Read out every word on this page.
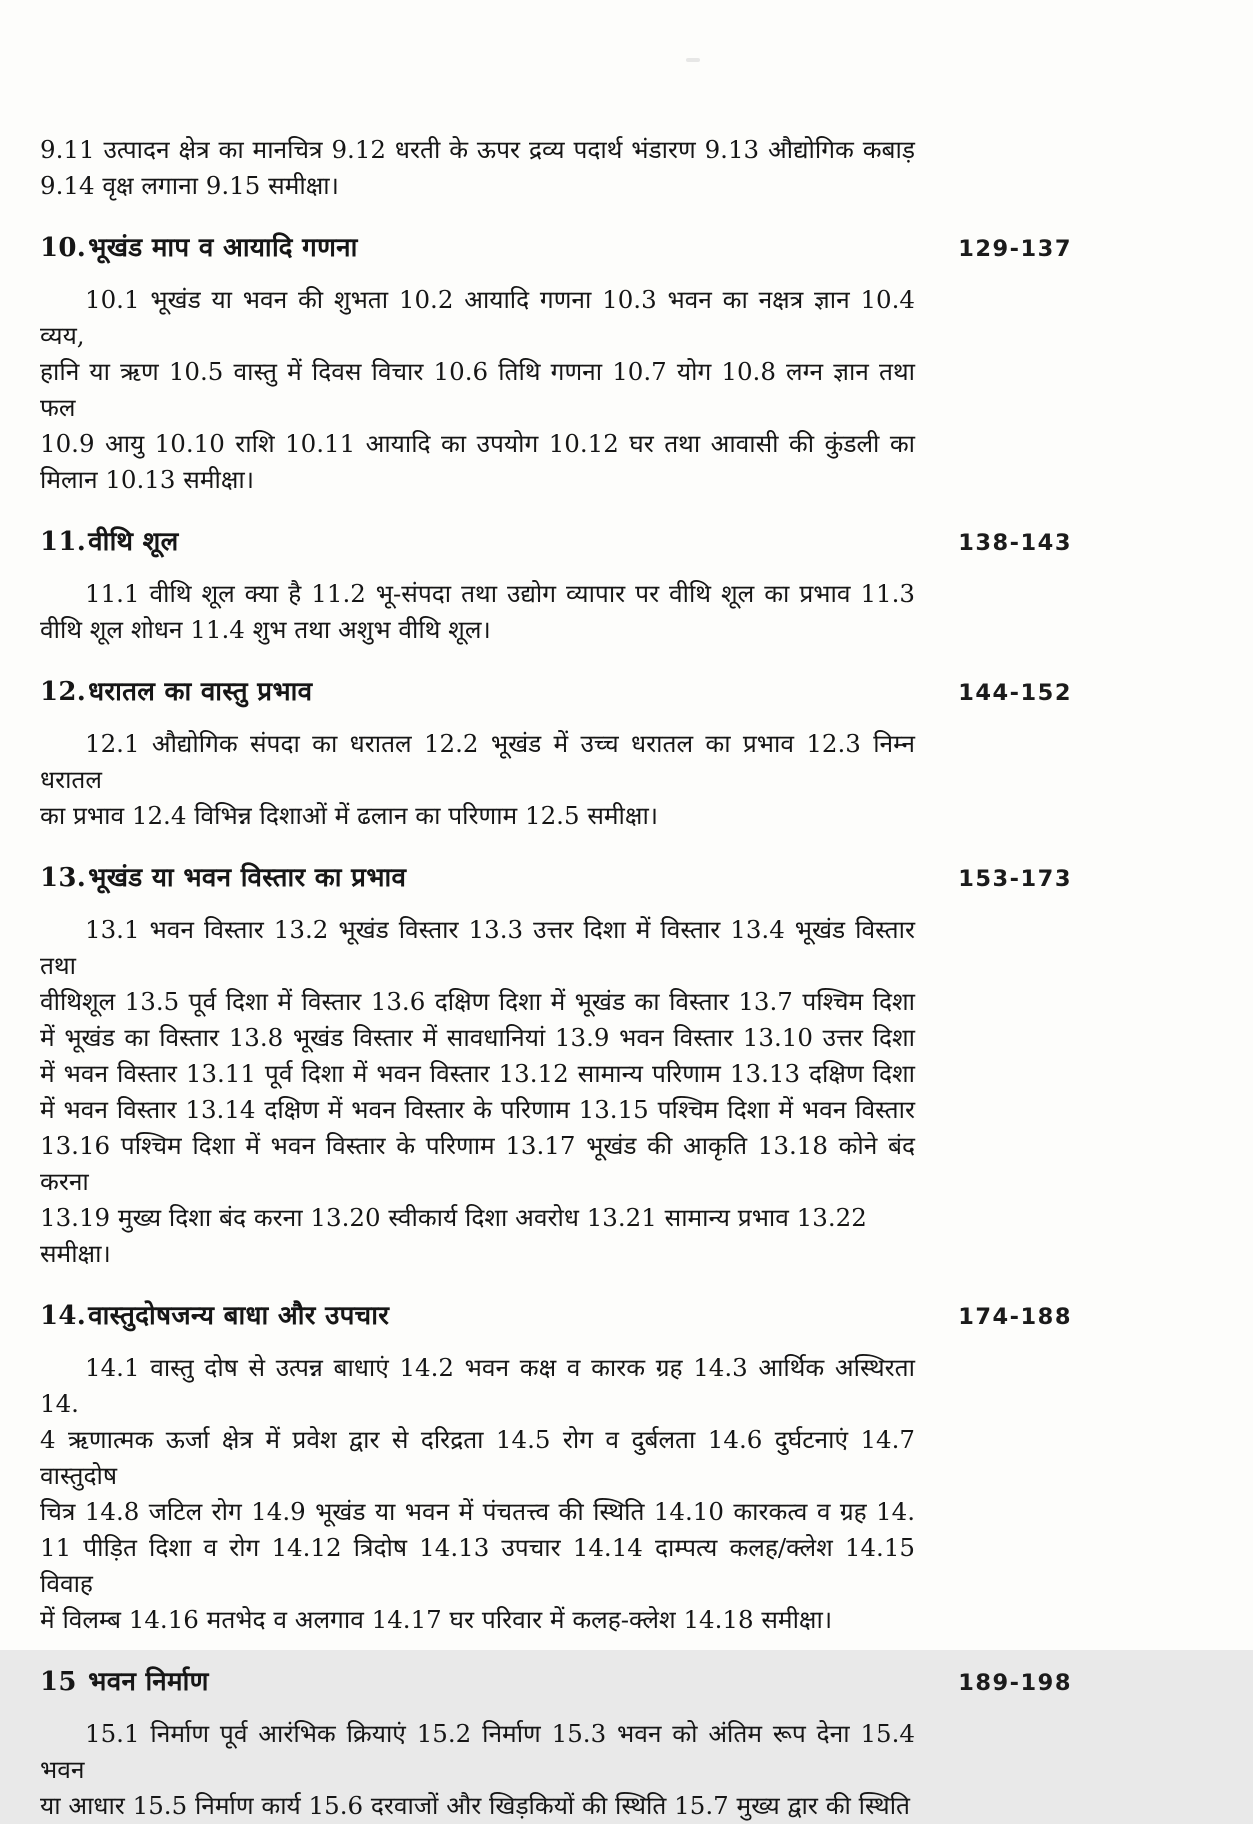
9.11 उत्पादन क्षेत्र का मानचित्र 9.12 धरती के ऊपर द्रव्य पदार्थ भंडारण 9.13 औद्योगिक कबाड़
9.14 वृक्ष लगाना 9.15 समीक्षा।
10.भूखंड माप व आयादि गणना	129-137
10.1 भूखंड या भवन की शुभता 10.2 आयादि गणना 10.3 भवन का नक्षत्र ज्ञान 10.4 व्यय,
हानि या ऋण 10.5 वास्तु में दिवस विचार 10.6 तिथि गणना 10.7 योग 10.8 लग्न ज्ञान तथा फल
10.9 आयु 10.10 राशि 10.11 आयादि का उपयोग 10.12 घर तथा आवासी की कुंडली का
मिलान 10.13 समीक्षा।
11.वीथि शूल	138-143
11.1 वीथि शूल क्या है 11.2 भू-संपदा तथा उद्योग व्यापार पर वीथि शूल का प्रभाव 11.3
वीथि शूल शोधन 11.4 शुभ तथा अशुभ वीथि शूल।
12.धरातल का वास्तु प्रभाव	144-152
12.1 औद्योगिक संपदा का धरातल 12.2 भूखंड में उच्च धरातल का प्रभाव 12.3 निम्न धरातल
का प्रभाव 12.4 विभिन्न दिशाओं में ढलान का परिणाम 12.5 समीक्षा।
13.भूखंड या भवन विस्तार का प्रभाव	153-173
13.1 भवन विस्तार 13.2 भूखंड विस्तार 13.3 उत्तर दिशा में विस्तार 13.4 भूखंड विस्तार तथा
वीथिशूल 13.5 पूर्व दिशा में विस्तार 13.6 दक्षिण दिशा में भूखंड का विस्तार 13.7 पश्चिम दिशा
में भूखंड का विस्तार 13.8 भूखंड विस्तार में सावधानियां 13.9 भवन विस्तार 13.10 उत्तर दिशा
में भवन विस्तार 13.11 पूर्व दिशा में भवन विस्तार 13.12 सामान्य परिणाम 13.13 दक्षिण दिशा
में भवन विस्तार 13.14 दक्षिण में भवन विस्तार के परिणाम 13.15 पश्चिम दिशा में भवन विस्तार
13.16 पश्चिम दिशा में भवन विस्तार के परिणाम 13.17 भूखंड की आकृति 13.18 कोने बंद करना
13.19 मुख्य दिशा बंद करना 13.20 स्वीकार्य दिशा अवरोध 13.21 सामान्य प्रभाव 13.22 समीक्षा।
14.वास्तुदोषजन्य बाधा और उपचार	174-188
14.1 वास्तु दोष से उत्पन्न बाधाएं 14.2 भवन कक्ष व कारक ग्रह 14.3 आर्थिक अस्थिरता 14.
4 ऋणात्मक ऊर्जा क्षेत्र में प्रवेश द्वार से दरिद्रता 14.5 रोग व दुर्बलता 14.6 दुर्घटनाएं 14.7 वास्तुदोष
चित्र 14.8 जटिल रोग 14.9 भूखंड या भवन में पंचतत्त्व की स्थिति 14.10 कारकत्व व ग्रह 14.
11 पीड़ित दिशा व रोग 14.12 त्रिदोष 14.13 उपचार 14.14 दाम्पत्य कलह/क्लेश 14.15 विवाह
में विलम्ब 14.16 मतभेद व अलगाव 14.17 घर परिवार में कलह-क्लेश 14.18 समीक्षा।
15 भवन निर्माण	189-198
15.1 निर्माण पूर्व आरंभिक क्रियाएं 15.2 निर्माण 15.3 भवन को अंतिम रूप देना 15.4 भवन
या आधार 15.5 निर्माण कार्य 15.6 दरवाजों और खिड़कियों की स्थिति 15.7 मुख्य द्वार की स्थिति
